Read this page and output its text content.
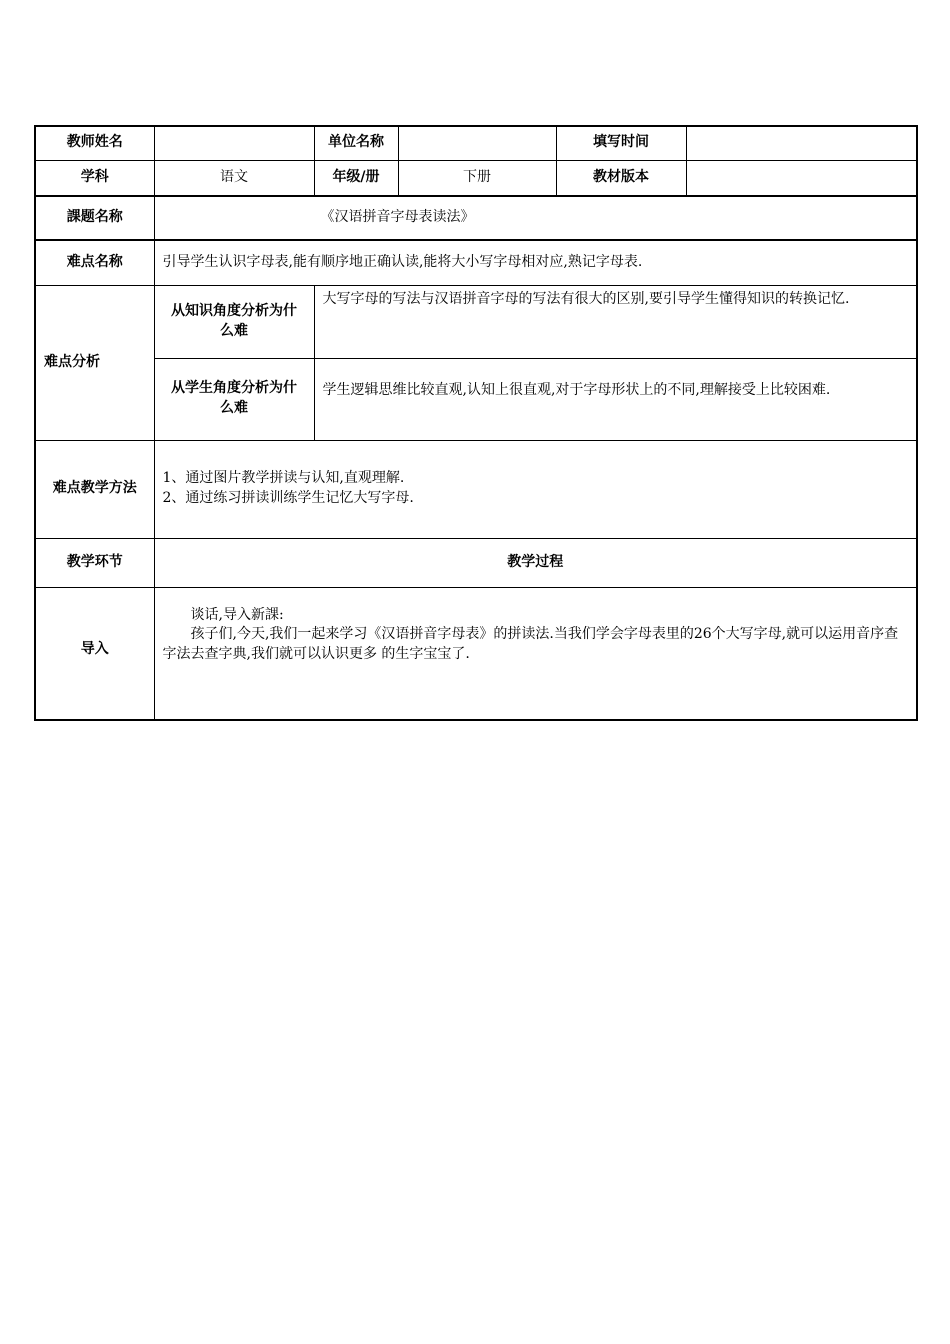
教师姓名		单位名称		填写时间	
学科	语文	年级/册	下册	教材版本	
課题名称	《汉语拼音字母表读法》				
难点名称	引导学生认识字母表,能有顺序地正确认读,能将大小写字母相对应,熟记字母表.				
难点分析	从知识角度分析为什么难	大写字母的写法与汉语拼音字母的写法有很大的区别,要引导学生懂得知识的转换记忆.			
	从学生角度分析为什么难	学生逻辑思维比较直观,认知上很直观,对于字母形状上的不同,理解接受上比较困难.			
难点教学方法	1、通过图片教学拼读与认知,直观理解.

2、通过练习拼读训练学生记忆大写字母.				

教学环节	教学过程				
导入	谈话,导入新課:

孩子们,今天,我们一起来学习《汉语拼音字母表》的拼读法.当我们学会字母表里的26个大写字母,就可以运用音序查字法去查字典,我们就可以认识更多 的生字宝宝了.				
